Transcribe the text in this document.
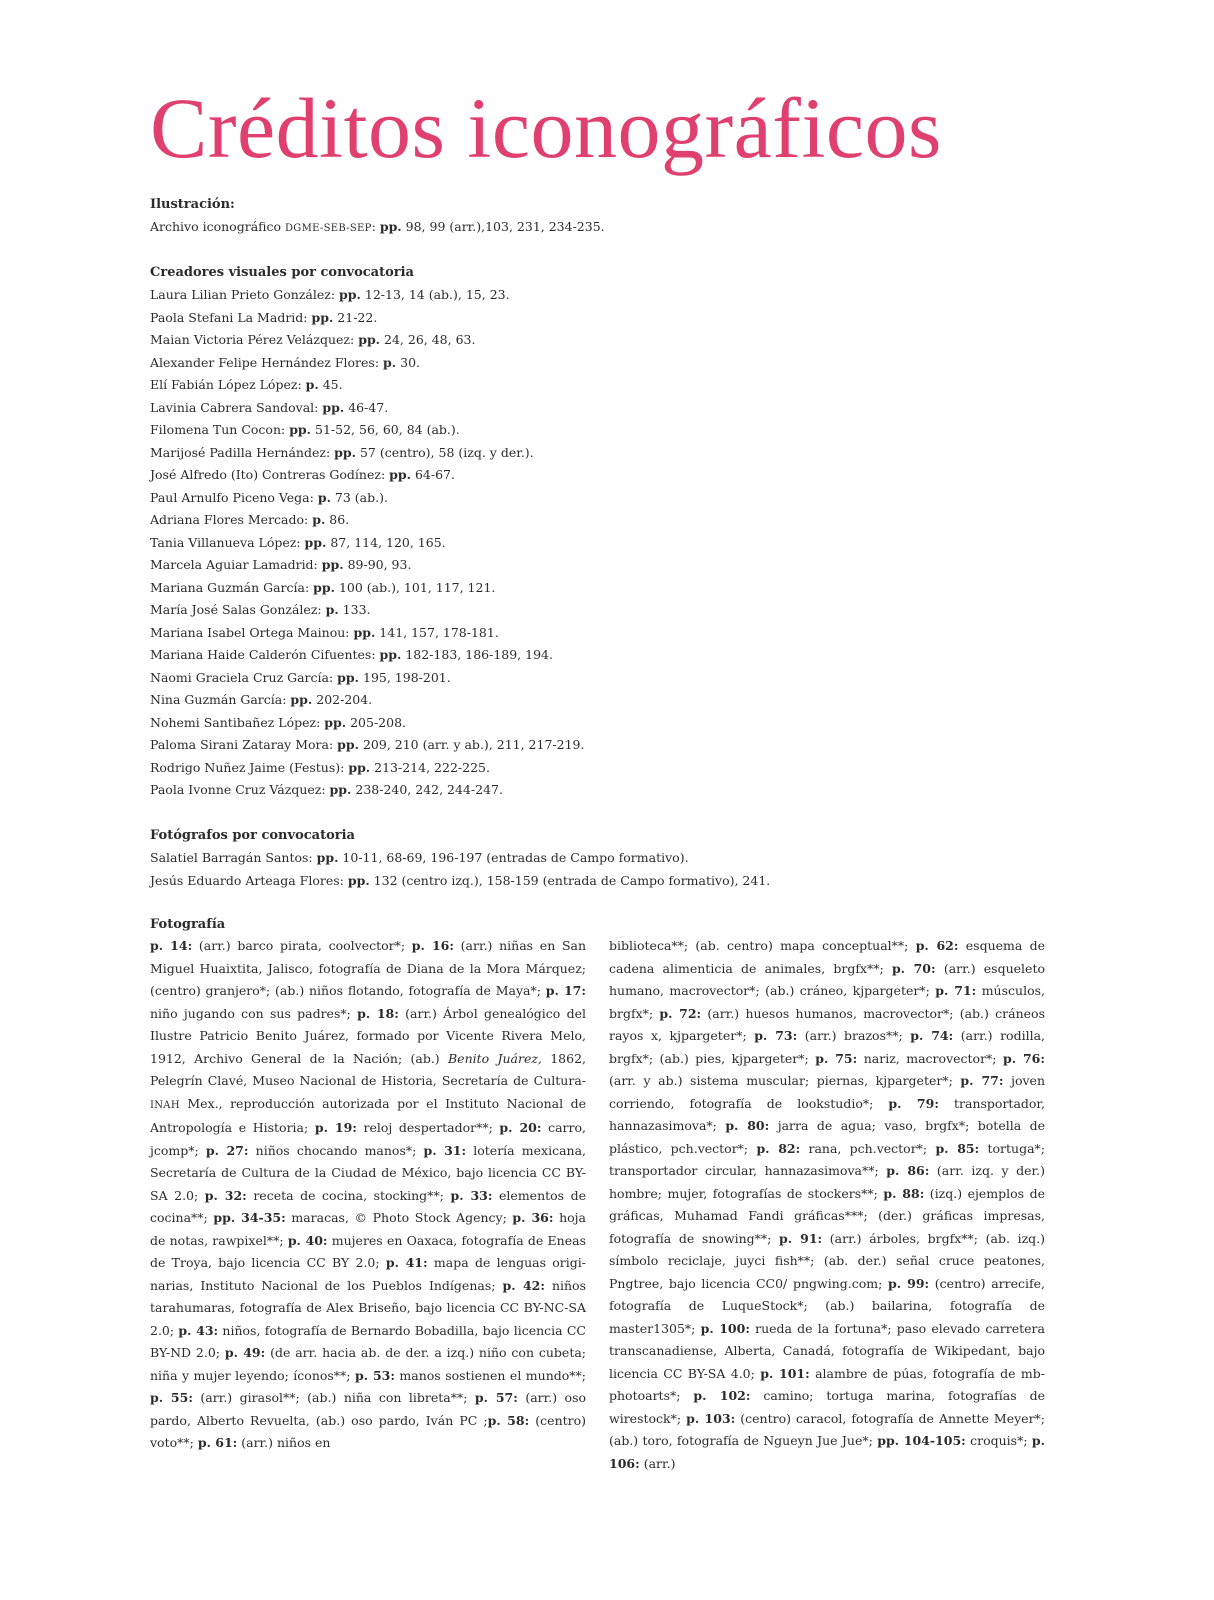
Créditos iconográficos
Ilustración:
Archivo iconográfico DGME-SEB-SEP: pp. 98, 99 (arr.),103, 231, 234-235.
Creadores visuales por convocatoria
Laura Lilian Prieto González: pp. 12-13, 14 (ab.), 15, 23.
Paola Stefani La Madrid: pp. 21-22.
Maian Victoria Pérez Velázquez: pp. 24, 26, 48, 63.
Alexander Felipe Hernández Flores: p. 30.
Elí Fabián López López: p. 45.
Lavinia Cabrera Sandoval: pp. 46-47.
Filomena Tun Cocon: pp. 51-52, 56, 60, 84 (ab.).
Marijosé Padilla Hernández: pp. 57 (centro), 58 (izq. y der.).
José Alfredo (Ito) Contreras Godínez: pp. 64-67.
Paul Arnulfo Piceno Vega: p. 73 (ab.).
Adriana Flores Mercado: p. 86.
Tania Villanueva López: pp. 87, 114, 120, 165.
Marcela Aguiar Lamadrid: pp. 89-90, 93.
Mariana Guzmán García: pp. 100 (ab.), 101, 117, 121.
María José Salas González: p. 133.
Mariana Isabel Ortega Mainou: pp. 141, 157, 178-181.
Mariana Haide Calderón Cifuentes: pp. 182-183, 186-189, 194.
Naomi Graciela Cruz García: pp. 195, 198-201.
Nina Guzmán García: pp. 202-204.
Nohemi Santibañez López: pp. 205-208.
Paloma Sirani Zataray Mora: pp. 209, 210 (arr. y ab.), 211, 217-219.
Rodrigo Nuñez Jaime (Festus): pp. 213-214, 222-225.
Paola Ivonne Cruz Vázquez: pp. 238-240, 242, 244-247.
Fotógrafos por convocatoria
Salatiel Barragán Santos: pp. 10-11, 68-69, 196-197 (entradas de Campo formativo).
Jesús Eduardo Arteaga Flores: pp. 132 (centro izq.), 158-159 (entrada de Campo formativo), 241.
Fotografía
p. 14: (arr.) barco pirata, coolvector*; p. 16: (arr.) niñas en San Miguel Huaixtita, Jalisco, fotografía de Diana de la Mora Márquez; (centro) granjero*; (ab.) niños flotando, fotografía de Maya*; p. 17: niño jugando con sus padres*; p. 18: (arr.) Árbol genealógico del Ilustre Patricio Benito Juárez, formado por Vicente Rivera Melo, 1912, Archivo General de la Nación; (ab.) Benito Juárez, 1862, Pelegrín Clavé, Museo Nacional de Historia, Secretaría de Cultura-INAH Mex., reproducción autorizada por el Instituto Nacional de Antropología e Historia; p. 19: reloj despertador**; p. 20: carro, jcomp*; p. 27: niños chocando manos*; p. 31: lotería mexicana, Secretaría de Cultura de la Ciudad de México, bajo licencia CC BY-SA 2.0; p. 32: receta de cocina, stocking**; p. 33: elementos de cocina**; pp. 34-35: maracas, © Photo Stock Agency; p. 36: hoja de notas, rawpixel**; p. 40: mujeres en Oaxaca, fotografía de Eneas de Troya, bajo licencia CC BY 2.0; p. 41: mapa de lenguas originarias, Instituto Nacional de los Pueblos Indígenas; p. 42: niños tarahumaras, fotografía de Alex Briseño, bajo licencia CC BY-NC-SA 2.0; p. 43: niños, fotografía de Bernardo Bobadilla, bajo licencia CC BY-ND 2.0; p. 49: (de arr. hacia ab. de der. a izq.) niño con cubeta; niña y mujer leyendo; íconos**; p. 53: manos sostienen el mundo**; p. 55: (arr.) girasol**; (ab.) niña con libreta**; p. 57: (arr.) oso pardo, Alberto Revuelta, (ab.) oso pardo, Iván PC ;p. 58: (centro) voto**; p. 61: (arr.) niños en
biblioteca**; (ab. centro) mapa conceptual**; p. 62: esquema de cadena alimenticia de animales, brgfx**; p. 70: (arr.) esqueleto humano, macrovector*; (ab.) cráneo, kjpargeter*; p. 71: músculos, brgfx*; p. 72: (arr.) huesos humanos, macrovector*; (ab.) cráneos rayos x, kjpargeter*; p. 73: (arr.) brazos**; p. 74: (arr.) rodilla, brgfx*; (ab.) pies, kjpargeter*; p. 75: nariz, macrovector*; p. 76: (arr. y ab.) sistema muscular; piernas, kjpargeter*; p. 77: joven corriendo, fotografía de lookstudio*; p. 79: transportador, hannazasimova*; p. 80: jarra de agua; vaso, brgfx*; botella de plástico, pch.vector*; p. 82: rana, pch.vector*; p. 85: tortuga*; transportador circular, hannazasimova**; p. 86: (arr. izq. y der.) hombre; mujer, fotografías de stockers**; p. 88: (izq.) ejemplos de gráficas, Muhamad Fandi gráficas***; (der.) gráficas impresas, fotografía de snowing**; p. 91: (arr.) árboles, brgfx**; (ab. izq.) símbolo reciclaje, juyci fish**; (ab. der.) señal cruce peatones, Pngtree, bajo licencia CC0/ pngwing.com; p. 99: (centro) arrecife, fotografía de LuqueStock*; (ab.) bailarina, fotografía de master1305*; p. 100: rueda de la fortuna*; paso elevado carretera transcanadiense, Alberta, Canadá, fotografía de Wikipedant, bajo licencia CC BY-SA 4.0; p. 101: alambre de púas, fotografía de mb-photoarts*; p. 102: camino; tortuga marina, fotografías de wirestock*; p. 103: (centro) caracol, fotografía de Annette Meyer*; (ab.) toro, fotografía de Ngueyn Jue Jue*; pp. 104-105: croquis*; p. 106: (arr.)
